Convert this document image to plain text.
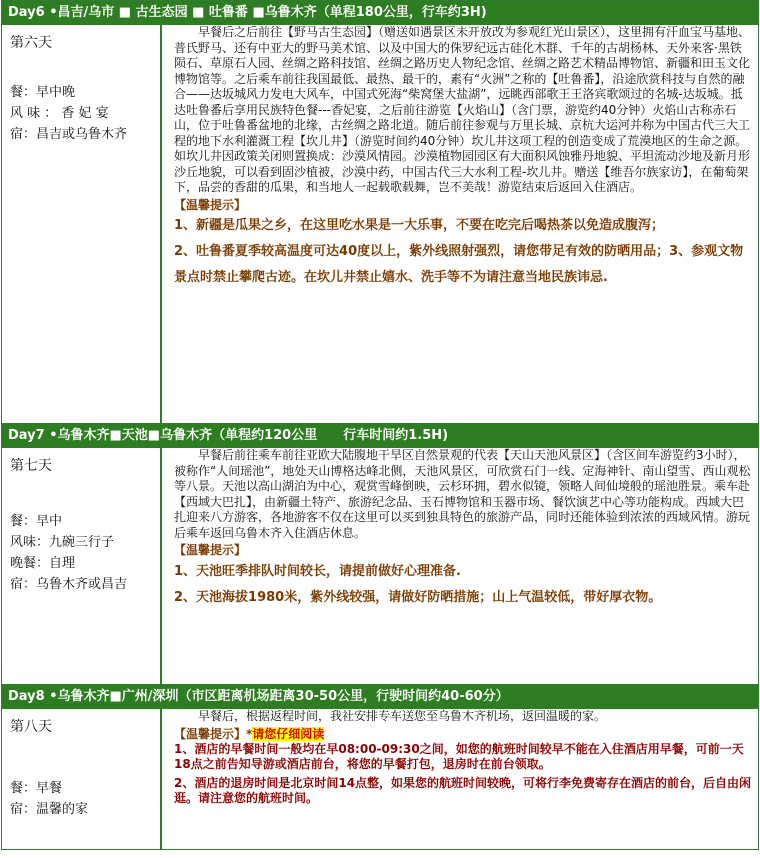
Day6 •昌吉/乌市 ■ 古生态园 ■ 吐鲁番 ■乌鲁木齐（单程180公里，行车约3H)
第六天
餐：早中晚
风 味 ： 香 妃 宴
宿：昌吉或乌鲁木齐

早餐后之后前往【野马古生态园】（赠送如遇景区未开放改为参观红光山景区），这里拥有汗血宝马基地、普氏野马、还有中亚大的野马美术馆、以及中国大的侏罗纪远古硅化木群、千年的古胡杨林、天外来客·黑铁陨石、草原石人园、丝绸之路科技馆、丝绸之路历史人物纪念馆、丝绸之路艺术精品博物馆、新疆和田玉文化博物馆等。之后乘车前往我国最低、最热、最干的，素有“火洲”之称的【吐鲁番】，沿途欣赏科技与自然的融合——达坂城风力发电大风车，中国式死海“柴窝堡大盐湖”，远眺西部歌王王洛宾歌颂过的名城-达坂城。抵达吐鲁番后享用民族特色餐---香妃宴，之后前往游览【火焰山】（含门票，游览约40分钟）火焰山古称赤石山，位于吐鲁番盆地的北缘，古丝绸之路北道。随后前往参观与万里长城、京杭大运河并称为中国古代三大工程的地下水利灌溉工程【坎儿井】（游览时间约40分钟）坎儿井这项工程的创造变成了荒漠地区的生命之源。如坎儿井因政策关闭则置换成：沙漠风情园。沙漠植物园园区有大面积风蚀雅丹地貌、平坦流动沙地及新月形沙丘地貌，可以看到固沙植被，沙漠中药，中国古代三大水利工程-坎儿井。赠送【维吾尔族家访】，在葡萄架下，品尝的香甜的瓜果，和当地人一起载歌载舞，岂不美哉！游览结束后返回入住酒店。

【温馨提示】

1、新疆是瓜果之乡，在这里吃水果是一大乐事，不要在吃完后喝热茶以免造成腹泻；

2、吐鲁番夏季较高温度可达40度以上，紫外线照射强烈，请您带足有效的防晒用品；3、参观文物景点时禁止攀爬古迹。在坎儿井禁止嬉水、洗手等不为请注意当地民族讳忌.

Day7 •乌鲁木齐■天池■乌鲁木齐（单程约120公里　　行车时间约1.5H)
第七天
餐：早中
风味：九碗三行子
晚餐：自理
宿：乌鲁木齐或昌吉

早餐后前往乘车前往亚欧大陆腹地干旱区自然景观的代表【天山天池风景区】（含区间车游览约3小时），被称作“人间瑶池”，地处天山博格达峰北侧，天池风景区，可欣赏石门一线、定海神针、南山望雪、西山观松等八景。天池以高山湖泊为中心，观赏雪峰倒映，云杉环拥，碧水似镜，领略人间仙境般的瑶池胜景。乘车赴【西域大巴扎】，由新疆土特产、旅游纪念品、玉石博物馆和玉器市场、餐饮演艺中心等功能构成。西域大巴扎迎来八方游客，各地游客不仅在这里可以买到独具特色的旅游产品，同时还能体验到浓浓的西域风情。游玩后乘车返回乌鲁木齐入住酒店休息。

【温馨提示】

1、天池旺季排队时间较长，请提前做好心理准备.

2、天池海拔1980米，紫外线较强，请做好防晒措施；山上气温较低，带好厚衣物。

Day8 •乌鲁木齐■广州/深圳（市区距离机场距离30-50公里，行驶时间约40-60分）
第八天
餐：早餐
宿：温馨的家

早餐后，根据返程时间，我社安排专车送您至乌鲁木齐机场，返回温暖的家。

【温馨提示】*请您仔细阅读

1、酒店的早餐时间一般均在早08:00-09:30之间，如您的航班时间较早不能在入住酒店用早餐，可前一天18点之前告知导游或酒店前台，将您的早餐打包，退房时在前台领取。

2、酒店的退房时间是北京时间14点整，如果您的航班时间较晚，可将行李免费寄存在酒店的前台，后自由闲逛。请注意您的航班时间。
